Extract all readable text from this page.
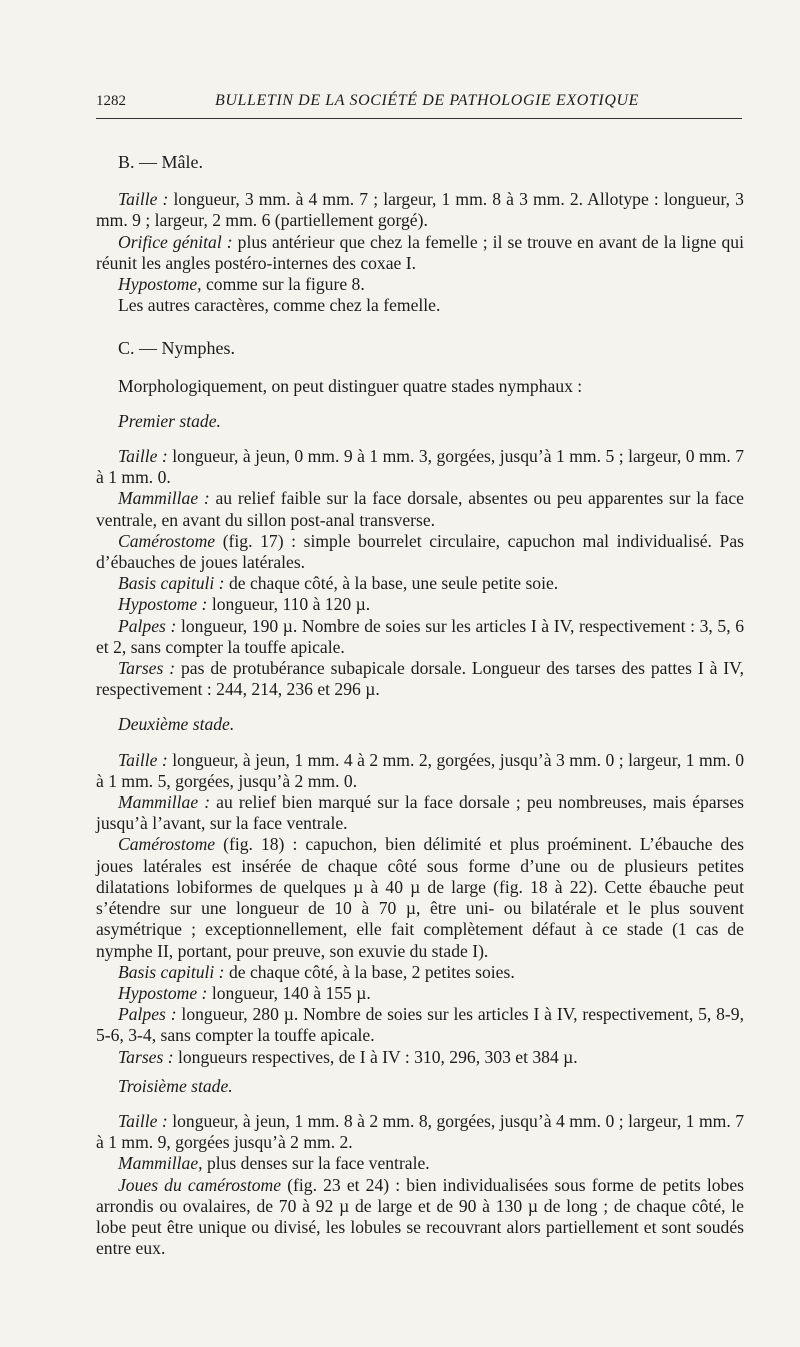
1282	BULLETIN DE LA SOCIÉTÉ DE PATHOLOGIE EXOTIQUE
B. — Mâle.

Taille : longueur, 3 mm. à 4 mm. 7 ; largeur, 1 mm. 8 à 3 mm. 2. Allotype : longueur, 3 mm. 9 ; largeur, 2 mm. 6 (partiellement gorgé).

Orifice génital : plus antérieur que chez la femelle ; il se trouve en avant de la ligne qui réunit les angles postéro-internes des coxae I.

Hypostome, comme sur la figure 8.

Les autres caractères, comme chez la femelle.

C. — Nymphes.

Morphologiquement, on peut distinguer quatre stades nymphaux :

Premier stade.

Taille : longueur, à jeun, 0 mm. 9 à 1 mm. 3, gorgées, jusqu’à 1 mm. 5 ; largeur, 0 mm. 7 à 1 mm. 0.

Mammillae : au relief faible sur la face dorsale, absentes ou peu apparentes sur la face ventrale, en avant du sillon post-anal transverse.

Camérostome (fig. 17) : simple bourrelet circulaire, capuchon mal individualisé. Pas d’ébauches de joues latérales.

Basis capituli : de chaque côté, à la base, une seule petite soie.

Hypostome : longueur, 110 à 120 µ.

Palpes : longueur, 190 µ. Nombre de soies sur les articles I à IV, respectivement : 3, 5, 6 et 2, sans compter la touffe apicale.

Tarses : pas de protubérance subapicale dorsale. Longueur des tarses des pattes I à IV, respectivement : 244, 214, 236 et 296 µ.

Deuxième stade.

Taille : longueur, à jeun, 1 mm. 4 à 2 mm. 2, gorgées, jusqu’à 3 mm. 0 ; largeur, 1 mm. 0 à 1 mm. 5, gorgées, jusqu’à 2 mm. 0.

Mammillae : au relief bien marqué sur la face dorsale ; peu nombreuses, mais éparses jusqu’à l’avant, sur la face ventrale.

Camérostome (fig. 18) : capuchon, bien délimité et plus proéminent. L’ébauche des joues latérales est insérée de chaque côté sous forme d’une ou de plusieurs petites dilatations lobiformes de quelques µ à 40 µ de large (fig. 18 à 22). Cette ébauche peut s’étendre sur une longueur de 10 à 70 µ, être uni- ou bilatérale et le plus souvent asymétrique ; exceptionnellement, elle fait complètement défaut à ce stade (1 cas de nymphe II, portant, pour preuve, son exuvie du stade I).

Basis capituli : de chaque côté, à la base, 2 petites soies.

Hypostome : longueur, 140 à 155 µ.

Palpes : longueur, 280 µ. Nombre de soies sur les articles I à IV, respectivement, 5, 8-9, 5-6, 3-4, sans compter la touffe apicale.

Tarses : longueurs respectives, de I à IV : 310, 296, 303 et 384 µ.

Troisième stade.

Taille : longueur, à jeun, 1 mm. 8 à 2 mm. 8, gorgées, jusqu’à 4 mm. 0 ; largeur, 1 mm. 7 à 1 mm. 9, gorgées jusqu’à 2 mm. 2.

Mammillae, plus denses sur la face ventrale.

Joues du camérostome (fig. 23 et 24) : bien individualisées sous forme de petits lobes arrondis ou ovalaires, de 70 à 92 µ de large et de 90 à 130 µ de long ; de chaque côté, le lobe peut être unique ou divisé, les lobules se recouvrant alors partiellement et sont soudés entre eux.
